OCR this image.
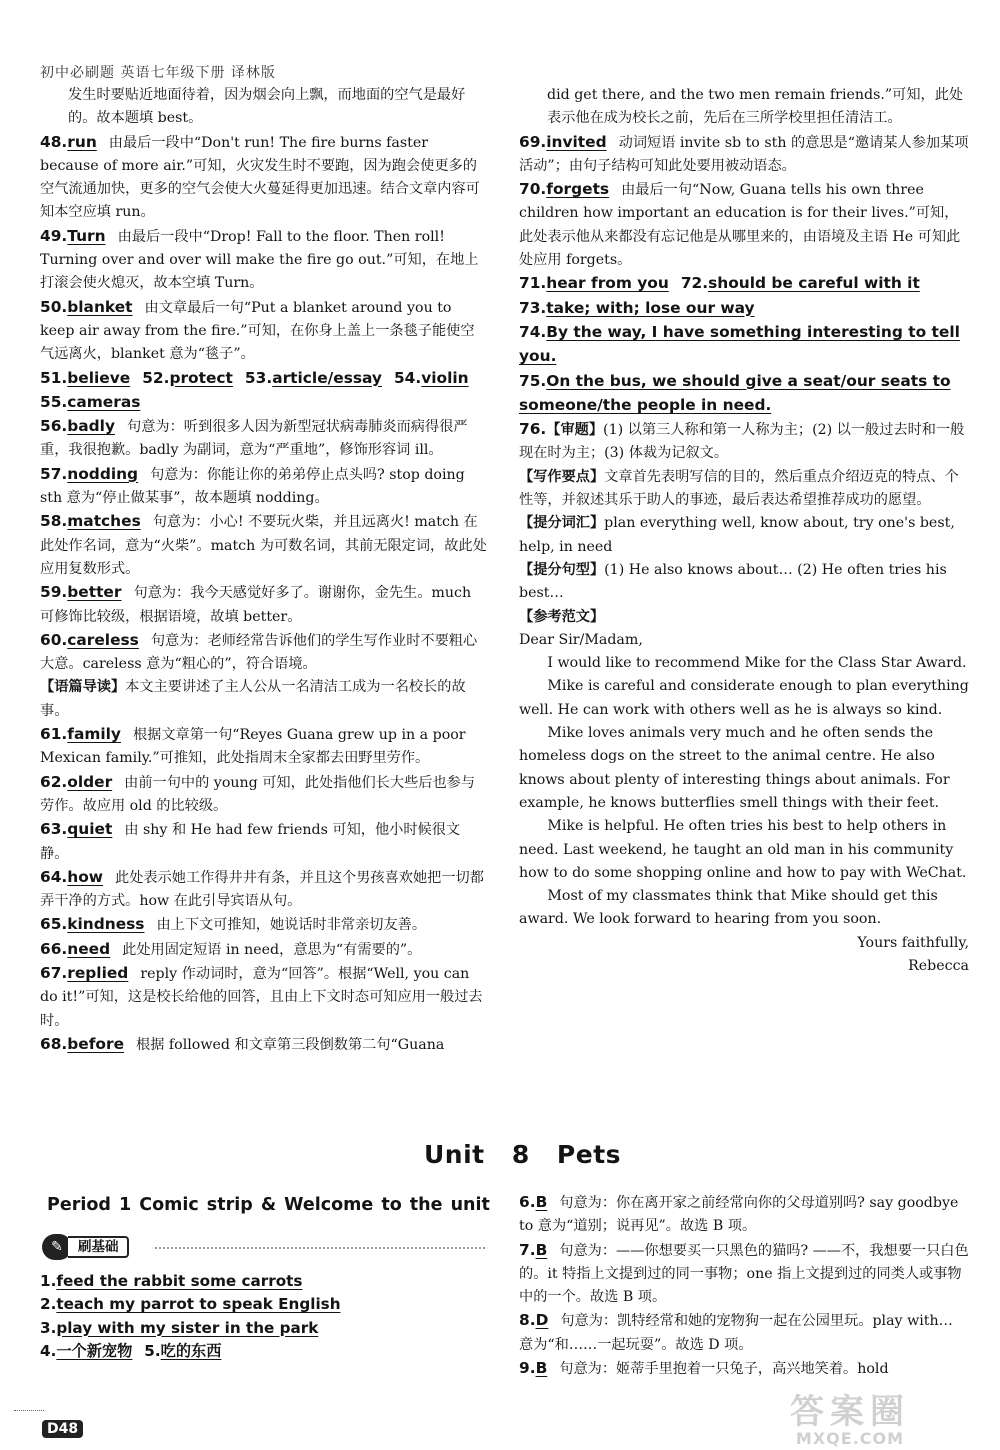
初中必刷题 英语七年级下册 译林版

发生时要贴近地面待着，因为烟会向上飘，而地面的空气是最好的。故本题填 best。

48.run 由最后一段中“Don't run! The fire burns faster because of more air.”可知，火灾发生时不要跑，因为跑会使更多的空气流通加快，更多的空气会使大火蔓延得更加迅速。结合文章内容可知本空应填 run。

49.Turn 由最后一段中“Drop! Fall to the floor. Then roll! Turning over and over will make the fire go out.”可知，在地上打滚会使火熄灭，故本空填 Turn。

50.blanket 由文章最后一句“Put a blanket around you to keep air away from the fire.”可知，在你身上盖上一条毯子能使空气远离火，blanket 意为“毯子”。

51.believe 52.protect 53.article/essay 54.violin

55.cameras

56.badly 句意为：听到很多人因为新型冠状病毒肺炎而病得很严重，我很抱歉。badly 为副词，意为“严重地”，修饰形容词 ill。

57.nodding 句意为：你能让你的弟弟停止点头吗? stop doing sth 意为“停止做某事”，故本题填 nodding。

58.matches 句意为：小心! 不要玩火柴，并且远离火! match 在此处作名词，意为“火柴”。match 为可数名词，其前无限定词，故此处应用复数形式。

59.better 句意为：我今天感觉好多了。谢谢你，金先生。much 可修饰比较级，根据语境，故填 better。

60.careless 句意为：老师经常告诉他们的学生写作业时不要粗心大意。careless 意为“粗心的”，符合语境。

【语篇导读】本文主要讲述了主人公从一名清洁工成为一名校长的故事。

61.family 根据文章第一句“Reyes Guana grew up in a poor Mexican family.”可推知，此处指周末全家都去田野里劳作。

62.older 由前一句中的 young 可知，此处指他们长大些后也参与劳作。故应用 old 的比较级。

63.quiet 由 shy 和 He had few friends 可知，他小时候很文静。

64.how 此处表示她工作得井井有条，并且这个男孩喜欢她把一切都弄干净的方式。how 在此引导宾语从句。

65.kindness 由上下文可推知，她说话时非常亲切友善。

66.need 此处用固定短语 in need，意思为“有需要的”。

67.replied reply 作动词时，意为“回答”。根据“Well, you can do it!”可知，这是校长给他的回答，且由上下文时态可知应用一般过去时。

68.before 根据 followed 和文章第三段倒数第二句“Guana

did get there, and the two men remain friends.”可知，此处表示他在成为校长之前，先后在三所学校里担任清洁工。

69.invited 动词短语 invite sb to sth 的意思是“邀请某人参加某项活动”；由句子结构可知此处要用被动语态。

70.forgets 由最后一句“Now, Guana tells his own three children how important an education is for their lives.”可知，此处表示他从来都没有忘记他是从哪里来的，由语境及主语 He 可知此处应用 forgets。

71.hear from you 72.should be careful with it

73.take; with; lose our way

74.By the way, I have something interesting to tell you.

75.On the bus, we should give a seat/our seats to someone/the people in need.

76.【审题】(1) 以第三人称和第一人称为主；(2) 以一般过去时和一般现在时为主；(3) 体裁为记叙文。

【写作要点】文章首先表明写信的目的，然后重点介绍迈克的特点、个性等，并叙述其乐于助人的事迹，最后表达希望推荐成功的愿望。

【提分词汇】plan everything well, know about, try one's best, help, in need

【提分句型】(1) He also knows about… (2) He often tries his best…

【参考范文】

Dear Sir/Madam,

I would like to recommend Mike for the Class Star Award.

Mike is careful and considerate enough to plan everything well. He can work with others well as he is always so kind.

Mike loves animals very much and he often sends the homeless dogs on the street to the animal centre. He also knows about plenty of interesting things about animals. For example, he knows butterflies smell things with their feet.

Mike is helpful. He often tries his best to help others in need. Last weekend, he taught an old man in his community how to do some shopping online and how to pay with WeChat.

Most of my classmates think that Mike should get this award. We look forward to hearing from you soon.

Yours faithfully,

Rebecca

Unit 8 Pets
Period 1 Comic strip & Welcome to the unit
✎	刷基础

1.feed the rabbit some carrots

2.teach my parrot to speak English

3.play with my sister in the park

4.一个新宠物 5.吃的东西

6.B 句意为：你在离开家之前经常向你的父母道别吗? say goodbye to 意为“道别；说再见”。故选 B 项。

7.B 句意为：——你想要买一只黑色的猫吗? ——不，我想要一只白色的。it 特指上文提到过的同一事物；one 指上文提到过的同类人或事物中的一个。故选 B 项。

8.D 句意为：凯特经常和她的宠物狗一起在公园里玩。play with… 意为“和……一起玩耍”。故选 D 项。

9.B 句意为：姬蒂手里抱着一只兔子，高兴地笑着。hold

D48	答案圈
MXQE.COM
